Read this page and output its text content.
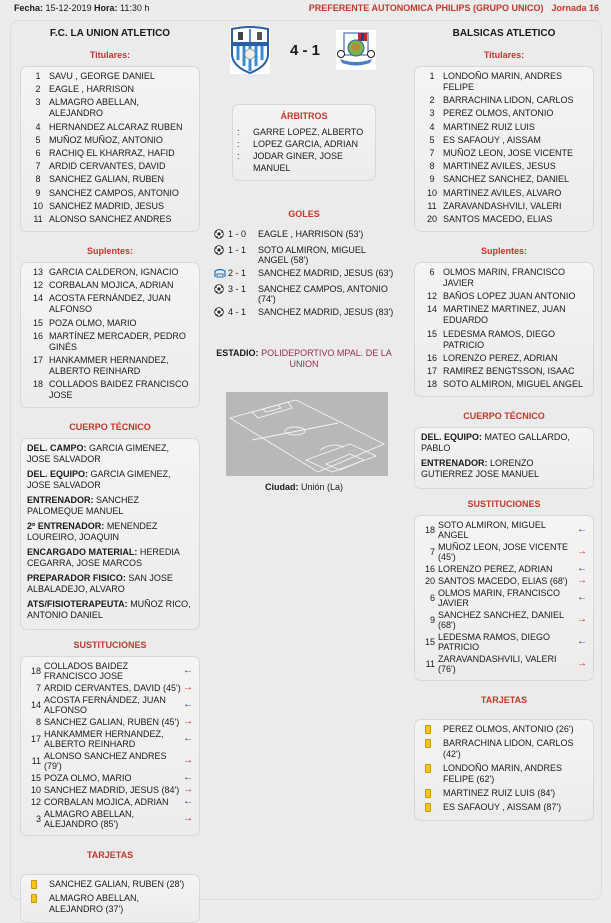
Fecha: 15-12-2019 Hora: 11:30 h	PREFERENTE AUTONOMICA PHILIPS (GRUPO UNICO) Jornada 16
F.C. LA UNION ATLETICO
Titulares:
1 SAVU , GEORGE DANIEL
2 EAGLE , HARRISON
3 ALMAGRO ABELLAN, ALEJANDRO
4 HERNANDEZ ALCARAZ RUBEN
5 MUÑOZ MUÑOZ, ANTONIO
6 RACHIQ EL KHARRAZ, HAFID
7 ARDID CERVANTES, DAVID
8 SANCHEZ GALIAN, RUBEN
9 SANCHEZ CAMPOS, ANTONIO
10 SANCHEZ MADRID, JESUS
11 ALONSO SANCHEZ ANDRES
Suplentes:
13 GARCIA CALDERON, IGNACIO
12 CORBALAN MOJICA, ADRIAN
14 ACOSTA FERNÁNDEZ, JUAN ALFONSO
15 POZA OLMO, MARIO
16 MARTÍNEZ MERCADER, PEDRO GINÉS
17 HANKAMMER HERNANDEZ, ALBERTO REINHARD
18 COLLADOS BAIDEZ FRANCISCO JOSE
CUERPO TÉCNICO
DEL. CAMPO: GARCIA GIMENEZ, JOSE SALVADOR
DEL. EQUIPO: GARCIA GIMENEZ, JOSE SALVADOR
ENTRENADOR: SANCHEZ PALOMEQUE MANUEL
2º ENTRENADOR: MENENDEZ LOUREIRO, JOAQUIN
ENCARGADO MATERIAL: HEREDIA CEGARRA, JOSE MARCOS
PREPARADOR FISICO: SAN JOSE ALBALADEJO, ALVARO
ATS/FISIOTERAPEUTA: MUÑOZ RICO, ANTONIO DANIEL
SUSTITUCIONES
18 COLLADOS BAIDEZ FRANCISCO JOSE	←
7 ARDID CERVANTES, DAVID (45') →
14 ACOSTA FERNÁNDEZ, JUAN ALFONSO	←
8 SANCHEZ GALIAN, RUBEN (45') →
17 HANKAMMER HERNANDEZ, ALBERTO REINHARD	←
11 ALONSO SANCHEZ ANDRES (79')	→
15 POZA OLMO, MARIO	←
10 SANCHEZ MADRID, JESUS (84') →
12 CORBALAN MOJICA, ADRIAN	←
3 ALMAGRO ABELLAN, ALEJANDRO (85')	→
TARJETAS
SANCHEZ GALIAN, RUBEN (28')
ALMAGRO ABELLAN, ALEJANDRO (37')
4 - 1
ÁRBITROS
:	GARRE LOPEZ, ALBERTO
:	LOPEZ GARCIA, ADRIAN
:	JODAR GINER, JOSE MANUEL
GOLES
1 - 0	EAGLE , HARRISON (53')
1 - 1	SOTO ALMIRON, MIGUEL ANGEL (58')
2 - 1	SANCHEZ MADRID, JESUS (63')
3 - 1	SANCHEZ CAMPOS, ANTONIO (74')
4 - 1	SANCHEZ MADRID, JESUS (83')
ESTADIO: POLIDEPORTIVO MPAL. DE LA UNION
Ciudad: Unión (La)
BALSICAS ATLETICO
Titulares:
1 LONDOÑO MARIN, ANDRES FELIPE
2 BARRACHINA LIDON, CARLOS
3 PEREZ OLMOS, ANTONIO
4 MARTINEZ RUIZ LUIS
5 ES SAFAOUY , AISSAM
7 MUÑOZ LEON, JOSE VICENTE
8 MARTINEZ AVILES, JESUS
9 SANCHEZ SANCHEZ, DANIEL
10 MARTINEZ AVILES, ALVARO
11 ZARAVANDASHVILI, VALERI
20 SANTOS MACEDO, ELIAS
Suplentes:
6 OLMOS MARIN, FRANCISCO JAVIER
12 BAÑOS LOPEZ JUAN ANTONIO
14 MARTINEZ MARTINEZ, JUAN EDUARDO
15 LEDESMA RAMOS, DIEGO PATRICIO
16 LORENZO PEREZ, ADRIAN
17 RAMIREZ BENGTSSON, ISAAC
18 SOTO ALMIRON, MIGUEL ANGEL
CUERPO TÉCNICO
DEL. EQUIPO: MATEO GALLARDO, PABLO
ENTRENADOR: LORENZO GUTIERREZ JOSE MANUEL
SUSTITUCIONES
18 SOTO ALMIRON, MIGUEL ANGEL	←
7 MUÑOZ LEON, JOSE VICENTE (45')	→
16 LORENZO PEREZ, ADRIAN	←
20 SANTOS MACEDO, ELIAS (68') →
6 OLMOS MARIN, FRANCISCO JAVIER	←
9 SANCHEZ SANCHEZ, DANIEL (68')	→
15 LEDESMA RAMOS, DIEGO PATRICIO	←
11 ZARAVANDASHVILI, VALERI (76')	→
TARJETAS
PEREZ OLMOS, ANTONIO (26')
BARRACHINA LIDON, CARLOS (42')
LONDOÑO MARIN, ANDRES FELIPE (62')
MARTINEZ RUIZ LUIS (84')
ES SAFAOUY , AISSAM (87')
